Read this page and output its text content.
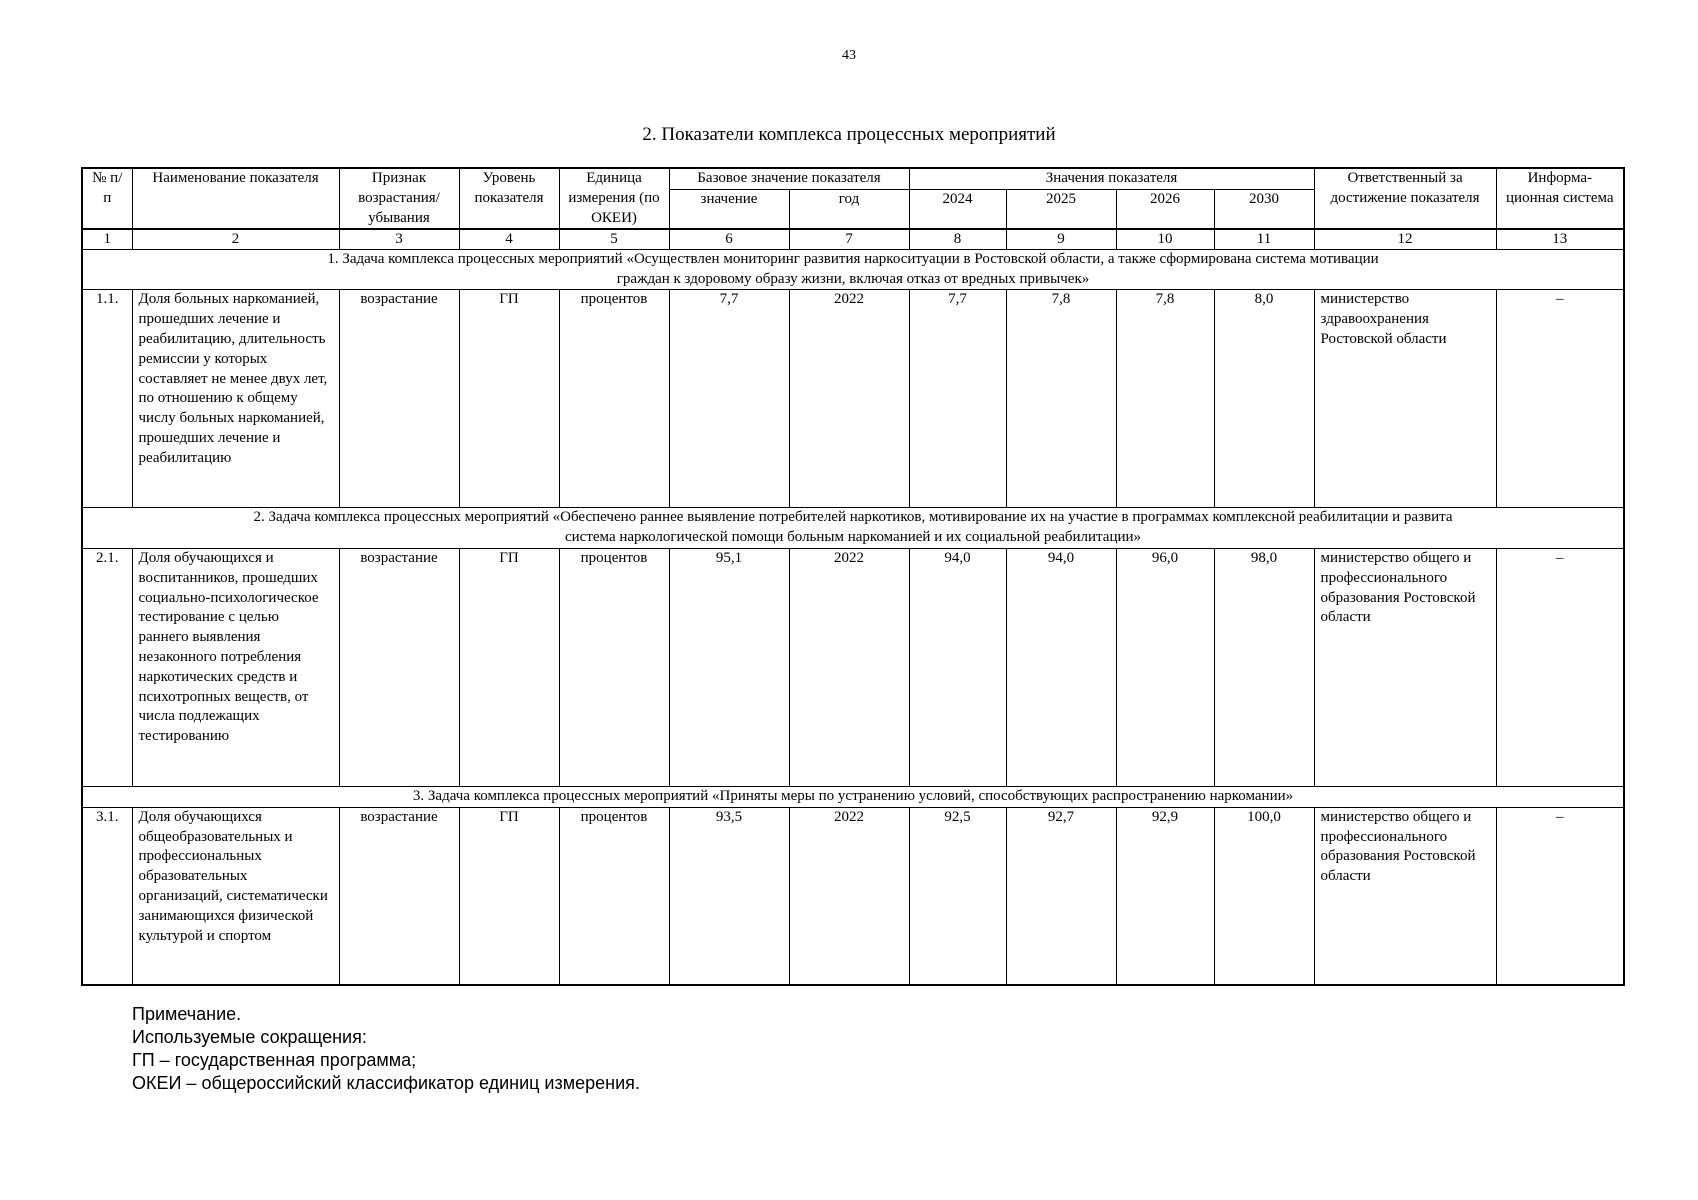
43
2. Показатели комплекса процессных мероприятий
№ п/п	Наименование показателя	Признак возрастания/ убывания	Уровень показателя	Единица измерения (по ОКЕИ)	Базовое значение показателя		Значения показателя				Ответственный за достижение показателя	Информа-ционная система
					значение	год	2024	2025	2026	2030		
1	2	3	4	5	6	7	8	9	10	11	12	13
1. Задача комплекса процессных мероприятий «Осуществлен мониторинг развития наркоситуации в Ростовской области, а также сформирована система мотивации граждан к здоровому образу жизни, включая отказ от вредных привычек»												
1.1.	Доля больных наркоманией, прошедших лечение и реабилитацию, длительность ремиссии у которых составляет не менее двух лет, по отношению к общему числу больных наркоманией, прошедших лечение и реабилитацию	возрастание	ГП	процентов	7,7	2022	7,7	7,8	7,8	8,0	министерство здравоохранения Ростовской области	–
2. Задача комплекса процессных мероприятий «Обеспечено раннее выявление потребителей наркотиков, мотивирование их на участие в программах комплексной реабилитации и развита система наркологической помощи больным наркоманией и их социальной реабилитации»												
2.1.	Доля обучающихся и воспитанников, прошедших социально-психологическое тестирование с целью раннего выявления незаконного потребления наркотических средств и психотропных веществ, от числа подлежащих тестированию	возрастание	ГП	процентов	95,1	2022	94,0	94,0	96,0	98,0	министерство общего и профессионального образования Ростовской области	–
3. Задача комплекса процессных мероприятий «Приняты меры по устранению условий, способствующих распространению наркомании»												
3.1.	Доля обучающихся общеобразовательных и профессиональных образовательных организаций, систематически занимающихся физической культурой и спортом	возрастание	ГП	процентов	93,5	2022	92,5	92,7	92,9	100,0	министерство общего и профессионального образования Ростовской области	–
Примечание.
Используемые сокращения:
ГП – государственная программа;
ОКЕИ – общероссийский классификатор единиц измерения.
